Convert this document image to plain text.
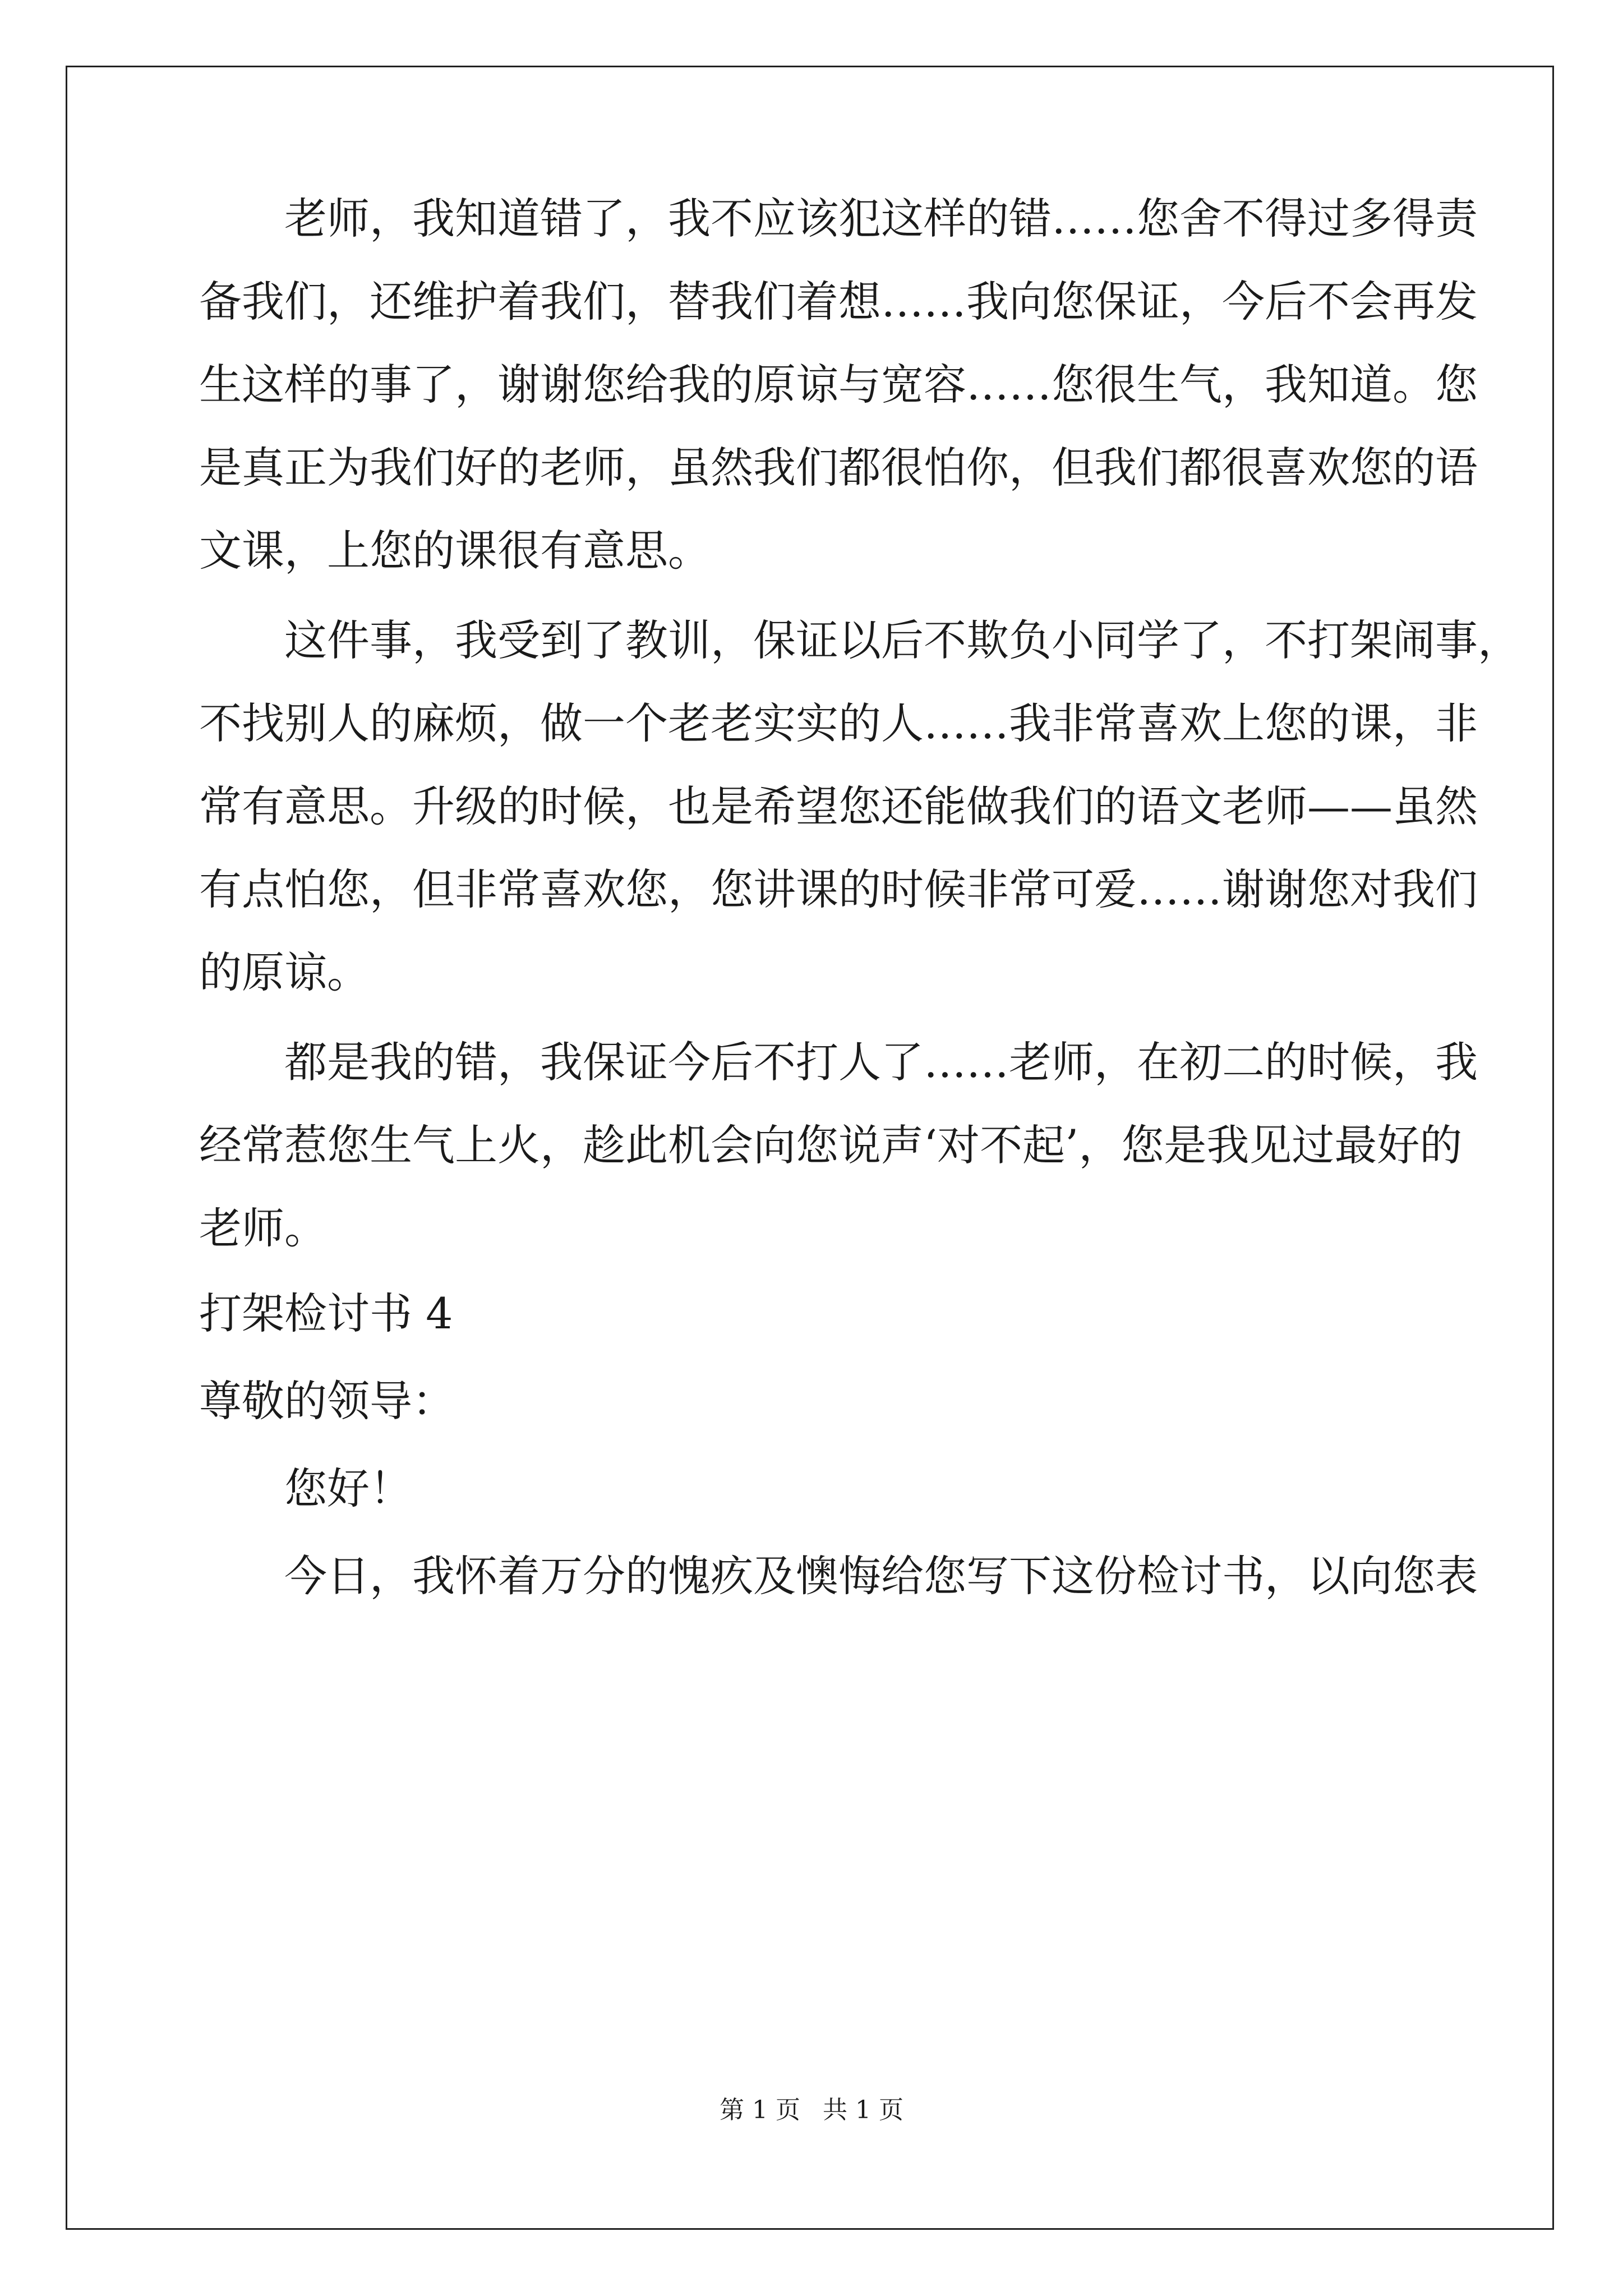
老师，我知道错了，我不应该犯这样的错……您舍不得过多得责
备我们，还维护着我们，替我们着想……我向您保证，今后不会再发
生这样的事了，谢谢您给我的原谅与宽容……您很生气，我知道。您
是真正为我们好的老师，虽然我们都很怕你，但我们都很喜欢您的语
文课，上您的课很有意思。
这件事，我受到了教训，保证以后不欺负小同学了，不打架闹事，
不找别人的麻烦，做一个老老实实的人……我非常喜欢上您的课，非
常有意思。升级的时候，也是希望您还能做我们的语文老师——虽然
有点怕您，但非常喜欢您，您讲课的时候非常可爱……谢谢您对我们
的原谅。
都是我的错，我保证今后不打人了……老师，在初二的时候，我
经常惹您生气上火，趁此机会向您说声‘对不起’，您是我见过最好的
老师。
打架检讨书 4
尊敬的领导：
您好！
今日，我怀着万分的愧疚及懊悔给您写下这份检讨书，以向您表
第 1 页 共 1 页
